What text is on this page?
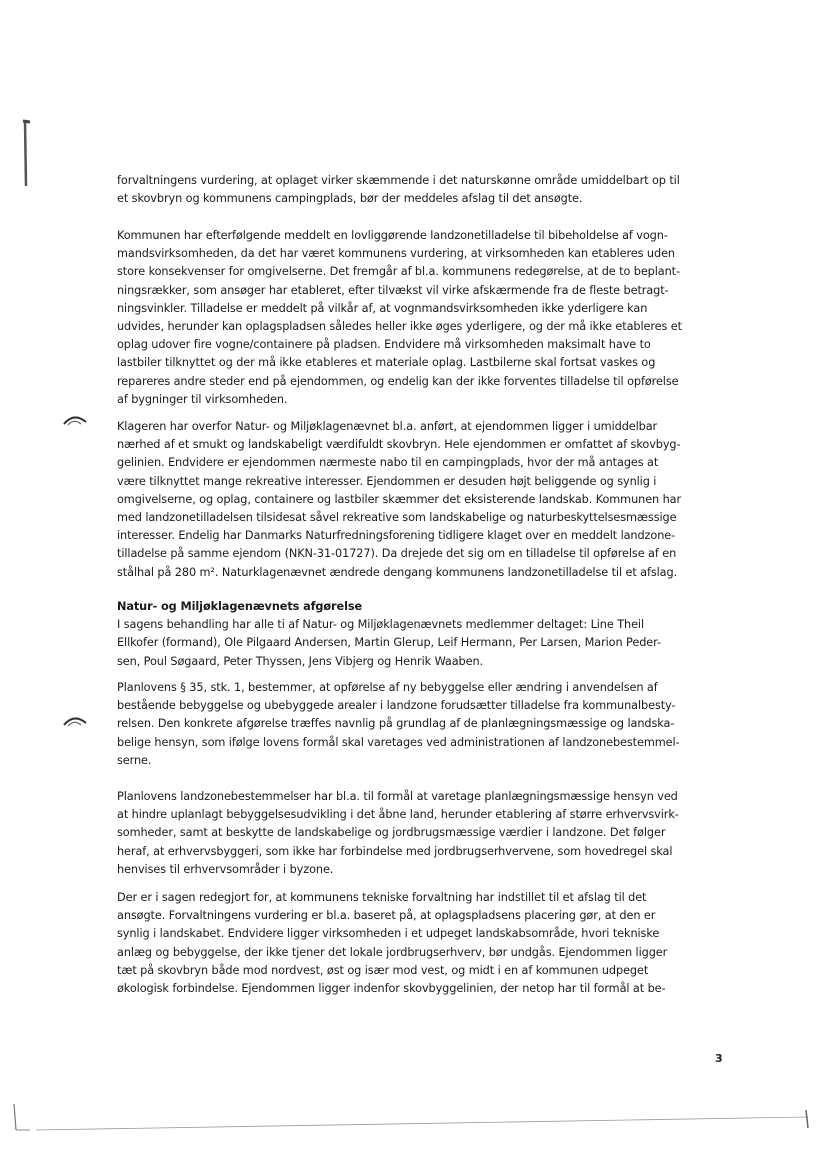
forvaltningens vurdering, at oplaget virker skæmmende i det naturskønne område umiddelbart op til
et skovbryn og kommunens campingplads, bør der meddeles afslag til det ansøgte.

Kommunen har efterfølgende meddelt en lovliggørende landzonetilladelse til bibeholdelse af vogn-
mandsvirksomheden, da det har været kommunens vurdering, at virksomheden kan etableres uden
store konsekvenser for omgivelserne. Det fremgår af bl.a. kommunens redegørelse, at de to beplant-
ningsrækker, som ansøger har etableret, efter tilvækst vil virke afskærmende fra de fleste betragt-
ningsvinkler. Tilladelse er meddelt på vilkår af, at vognmandsvirksomheden ikke yderligere kan
udvides, herunder kan oplagspladsen således heller ikke øges yderligere, og der må ikke etableres et
oplag udover fire vogne/containere på pladsen. Endvidere må virksomheden maksimalt have to
lastbiler tilknyttet og der må ikke etableres et materiale oplag. Lastbilerne skal fortsat vaskes og
repareres andre steder end på ejendommen, og endelig kan der ikke forventes tilladelse til opførelse
af bygninger til virksomheden.

Klageren har overfor Natur- og Miljøklagenævnet bl.a. anført, at ejendommen ligger i umiddelbar
nærhed af et smukt og landskabeligt værdifuldt skovbryn. Hele ejendommen er omfattet af skovbyg-
gelinien. Endvidere er ejendommen nærmeste nabo til en campingplads, hvor der må antages at
være tilknyttet mange rekreative interesser. Ejendommen er desuden højt beliggende og synlig i
omgivelserne, og oplag, containere og lastbiler skæmmer det eksisterende landskab. Kommunen har
med landzonetilladelsen tilsidesat såvel rekreative som landskabelige og naturbeskyttelsesmæssige
interesser. Endelig har Danmarks Naturfredningsforening tidligere klaget over en meddelt landzone-
tilladelse på samme ejendom (NKN-31-01727). Da drejede det sig om en tilladelse til opførelse af en
stålhal på 280 m². Naturklagenævnet ændrede dengang kommunens landzonetilladelse til et afslag.

Natur- og Miljøklagenævnets afgørelse

I sagens behandling har alle ti af Natur- og Miljøklagenævnets medlemmer deltaget: Line Theil
Ellkofer (formand), Ole Pilgaard Andersen, Martin Glerup, Leif Hermann, Per Larsen, Marion Peder-
sen, Poul Søgaard, Peter Thyssen, Jens Vibjerg og Henrik Waaben.

Planlovens § 35, stk. 1, bestemmer, at opførelse af ny bebyggelse eller ændring i anvendelsen af
bestående bebyggelse og ubebyggede arealer i landzone forudsætter tilladelse fra kommunalbesty-
relsen. Den konkrete afgørelse træffes navnlig på grundlag af de planlægningsmæssige og landska-
belige hensyn, som ifølge lovens formål skal varetages ved administrationen af landzonebestemmel-
serne.

Planlovens landzonebestemmelser har bl.a. til formål at varetage planlægningsmæssige hensyn ved
at hindre uplanlagt bebyggelsesudvikling i det åbne land, herunder etablering af større erhvervsvirk-
somheder, samt at beskytte de landskabelige og jordbrugsmæssige værdier i landzone. Det følger
heraf, at erhvervsbyggeri, som ikke har forbindelse med jordbrugserhvervene, som hovedregel skal
henvises til erhvervsområder i byzone.

Der er i sagen redegjort for, at kommunens tekniske forvaltning har indstillet til et afslag til det
ansøgte. Forvaltningens vurdering er bl.a. baseret på, at oplagspladsens placering gør, at den er
synlig i landskabet. Endvidere ligger virksomheden i et udpeget landskabsområde, hvori tekniske
anlæg og bebyggelse, der ikke tjener det lokale jordbrugserhverv, bør undgås. Ejendommen ligger
tæt på skovbryn både mod nordvest, øst og især mod vest, og midt i en af kommunen udpeget
økologisk forbindelse. Ejendommen ligger indenfor skovbyggelinien, der netop har til formål at be-

3
